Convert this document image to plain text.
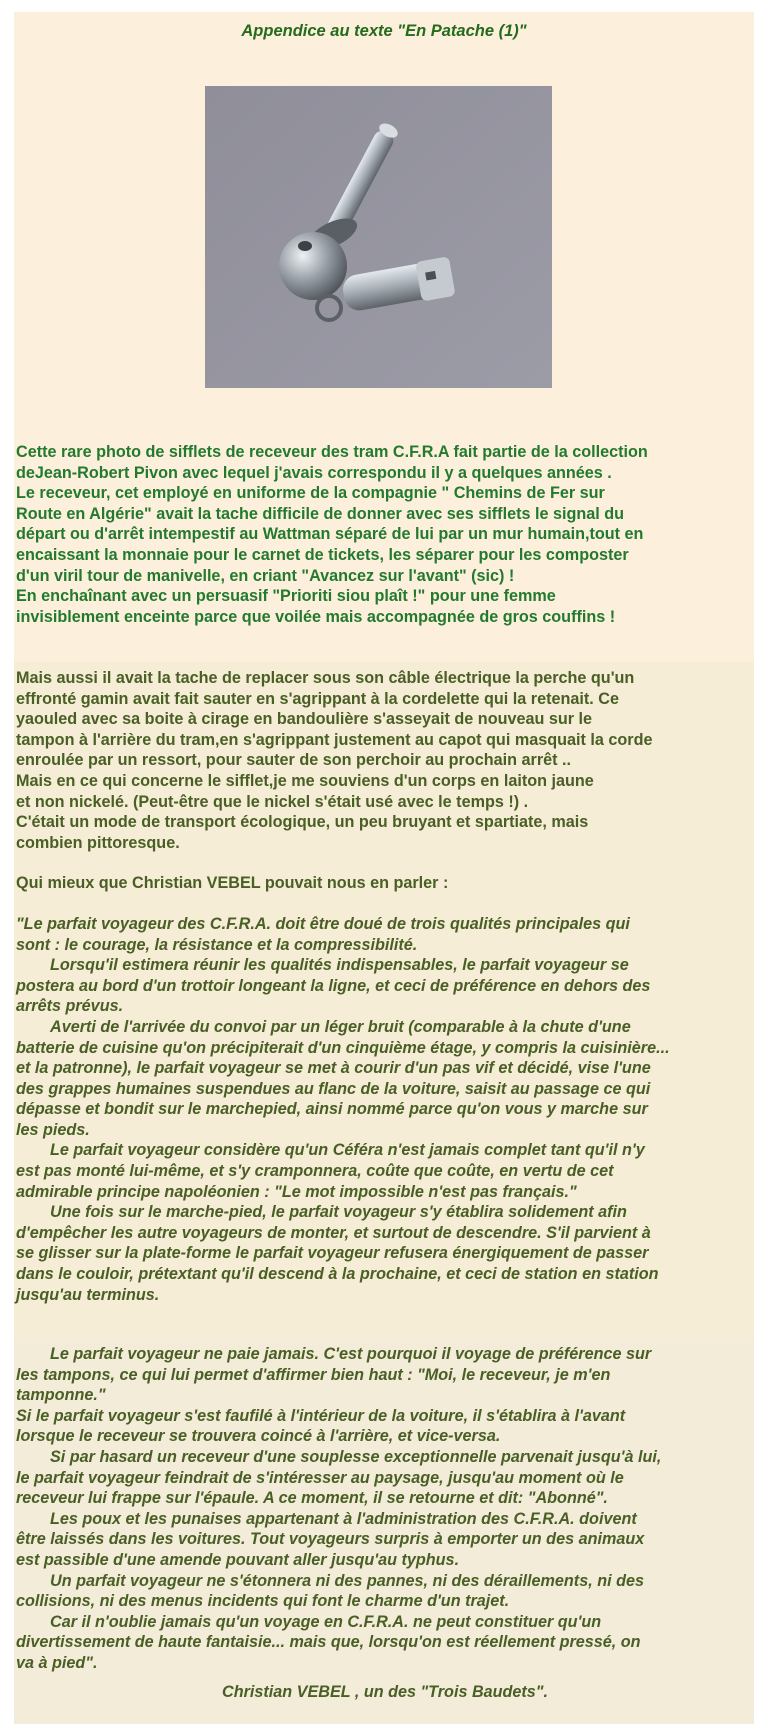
Appendice au texte "En Patache (1)"

Cette rare photo de sifflets de receveur des tram C.F.R.A fait partie de la collection

deJean-Robert Pivon avec lequel j'avais correspondu il y a quelques années .

Le receveur, cet employé en uniforme de la compagnie " Chemins de Fer sur

Route en Algérie" avait la tache difficile de donner avec ses sifflets le signal du

départ ou d'arrêt intempestif au Wattman séparé de lui par un mur humain,tout en

encaissant la monnaie pour le carnet de tickets, les séparer pour les composter

d'un viril tour de manivelle, en criant "Avancez sur l'avant" (sic) !

En enchaînant avec un persuasif "Prioriti siou plaît !" pour une femme

invisiblement enceinte parce que voilée mais accompagnée de gros couffins !

Mais aussi il avait la tache de replacer sous son câble électrique la perche qu'un

effronté gamin avait fait sauter en s'agrippant à la cordelette qui la retenait. Ce

yaouled avec sa boite à cirage en bandoulière s'asseyait de nouveau sur le

tampon à l'arrière du tram,en s'agrippant justement au capot qui masquait la corde

enroulée par un ressort, pour sauter de son perchoir au prochain arrêt ..

Mais en ce qui concerne le sifflet,je me souviens d'un corps en laiton jaune

et non nickelé. (Peut-être que le nickel s'était usé avec le temps !) .

C'était un mode de transport écologique, un peu bruyant et spartiate, mais

combien pittoresque.

Qui mieux que Christian VEBEL pouvait nous en parler :

"Le parfait voyageur des C.F.R.A. doit être doué de trois qualités principales qui

sont : le courage, la résistance et la compressibilité.

Lorsqu'il estimera réunir les qualités indispensables, le parfait voyageur se

postera au bord d'un trottoir longeant la ligne, et ceci de préférence en dehors des

arrêts prévus.

Averti de l'arrivée du convoi par un léger bruit (comparable à la chute d'une

batterie de cuisine qu'on précipiterait d'un cinquième étage, y compris la cuisinière...

et la patronne), le parfait voyageur se met à courir d'un pas vif et décidé, vise l'une

des grappes humaines suspendues au flanc de la voiture, saisit au passage ce qui

dépasse et bondit sur le marchepied, ainsi nommé parce qu'on vous y marche sur

les pieds.

Le parfait voyageur considère qu'un Céféra n'est jamais complet tant qu'il n'y

est pas monté lui-même, et s'y cramponnera, coûte que coûte, en vertu de cet

admirable principe napoléonien : "Le mot impossible n'est pas français."

Une fois sur le marche-pied, le parfait voyageur s'y établira solidement afin

d'empêcher les autre voyageurs de monter, et surtout de descendre. S'il parvient à

se glisser sur la plate-forme le parfait voyageur refusera énergiquement de passer

dans le couloir, prétextant qu'il descend à la prochaine, et ceci de station en station

jusqu'au terminus.

Le parfait voyageur ne paie jamais. C'est pourquoi il voyage de préférence sur

les tampons, ce qui lui permet d'affirmer bien haut : "Moi, le receveur, je m'en

tamponne."

Si le parfait voyageur s'est faufilé à l'intérieur de la voiture, il s'établira à l'avant

lorsque le receveur se trouvera coincé à l'arrière, et vice-versa.

Si par hasard un receveur d'une souplesse exceptionnelle parvenait jusqu'à lui,

le parfait voyageur feindrait de s'intéresser au paysage, jusqu'au moment où le

receveur lui frappe sur l'épaule. A ce moment, il se retourne et dit: "Abonné".

Les poux et les punaises appartenant à l'administration des C.F.R.A. doivent

être laissés dans les voitures. Tout voyageurs surpris à emporter un des animaux

est passible d'une amende pouvant aller jusqu'au typhus.

Un parfait voyageur ne s'étonnera ni des pannes, ni des déraillements, ni des

collisions, ni des menus incidents qui font le charme d'un trajet.

Car il n'oublie jamais qu'un voyage en C.F.R.A. ne peut constituer qu'un

divertissement de haute fantaisie... mais que, lorsqu'on est réellement pressé, on

va à pied".

Christian VEBEL , un des "Trois Baudets".
